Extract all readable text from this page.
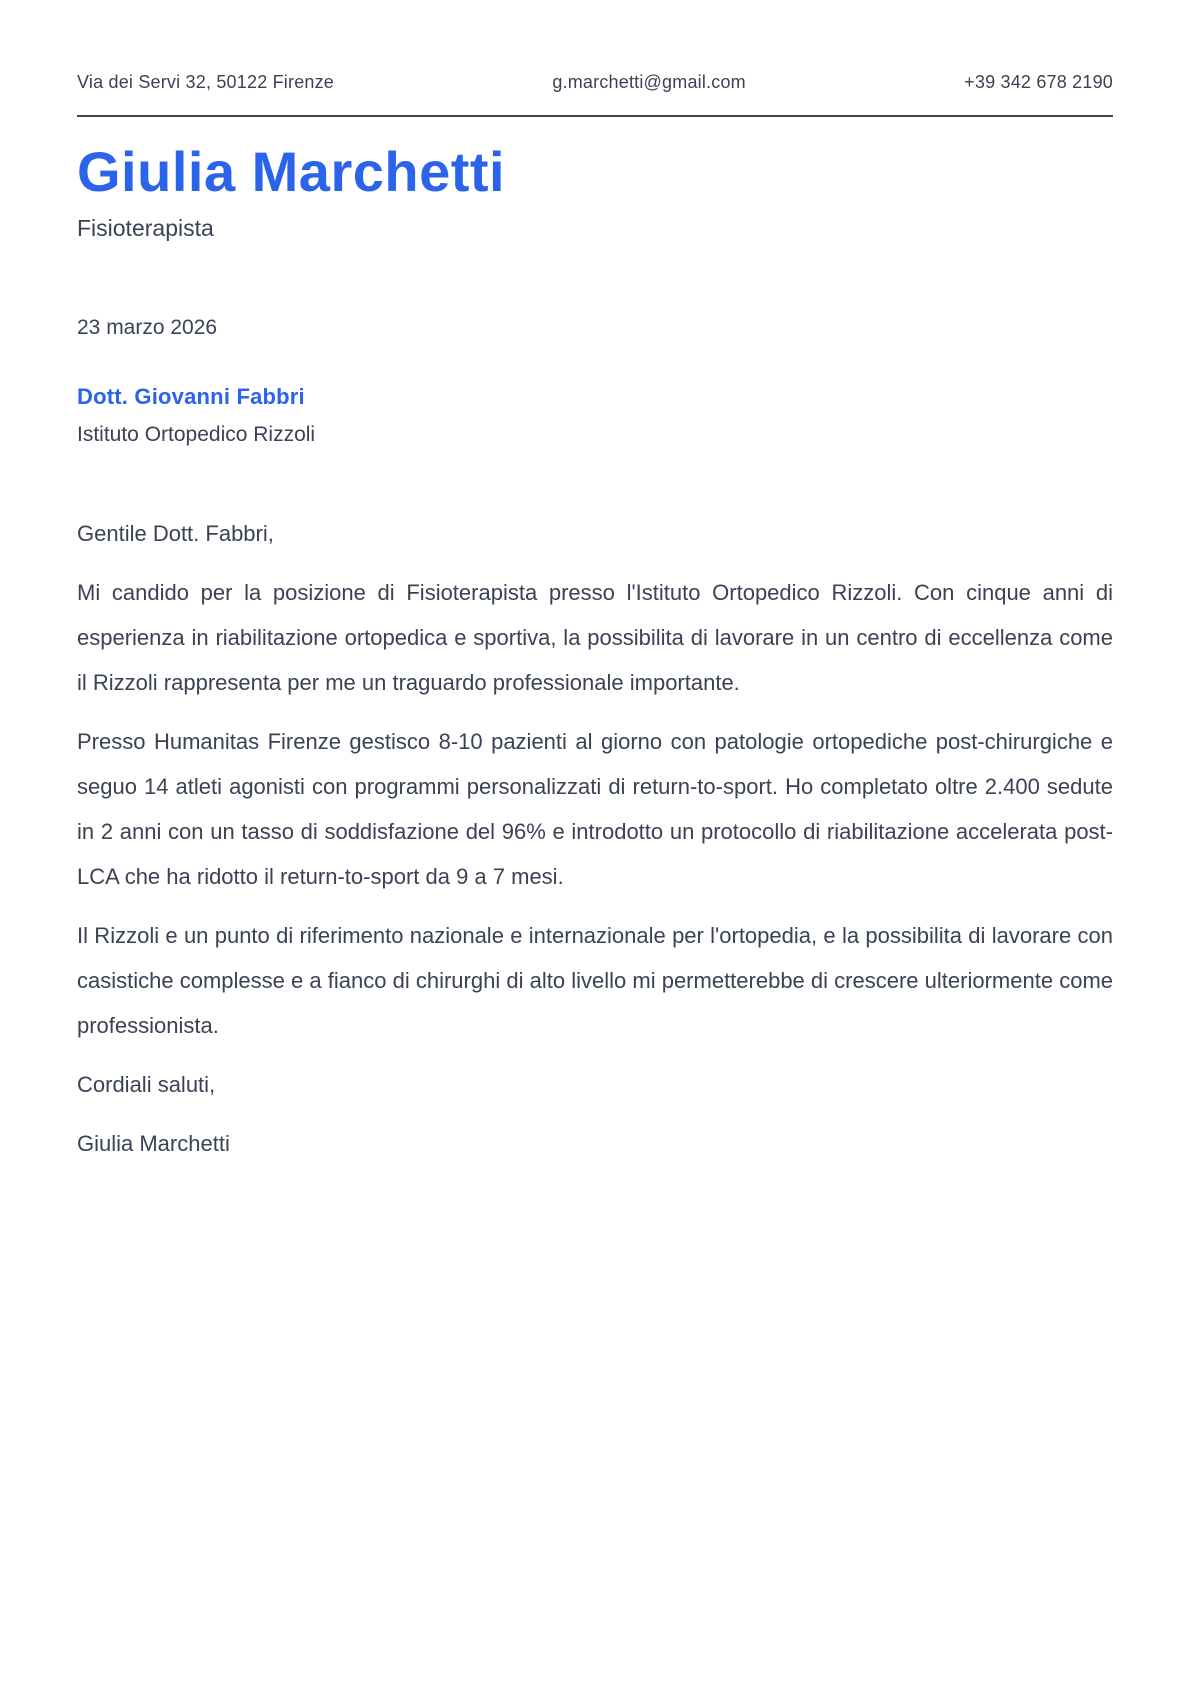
Via dei Servi 32, 50122 Firenze	g.marchetti@gmail.com	+39 342 678 2190
Giulia Marchetti
Fisioterapista
23 marzo 2026
Dott. Giovanni Fabbri
Istituto Ortopedico Rizzoli

Gentile Dott. Fabbri,

Mi candido per la posizione di Fisioterapista presso l'Istituto Ortopedico Rizzoli. Con cinque anni di esperienza in riabilitazione ortopedica e sportiva, la possibilita di lavorare in un centro di eccellenza come il Rizzoli rappresenta per me un traguardo professionale importante.

Presso Humanitas Firenze gestisco 8-10 pazienti al giorno con patologie ortopediche post-chirurgiche e seguo 14 atleti agonisti con programmi personalizzati di return-to-sport. Ho completato oltre 2.400 sedute in 2 anni con un tasso di soddisfazione del 96% e introdotto un protocollo di riabilitazione accelerata post-LCA che ha ridotto il return-to-sport da 9 a 7 mesi.

Il Rizzoli e un punto di riferimento nazionale e internazionale per l'ortopedia, e la possibilita di lavorare con casistiche complesse e a fianco di chirurghi di alto livello mi permetterebbe di crescere ulteriormente come professionista.

Cordiali saluti,

Giulia Marchetti
